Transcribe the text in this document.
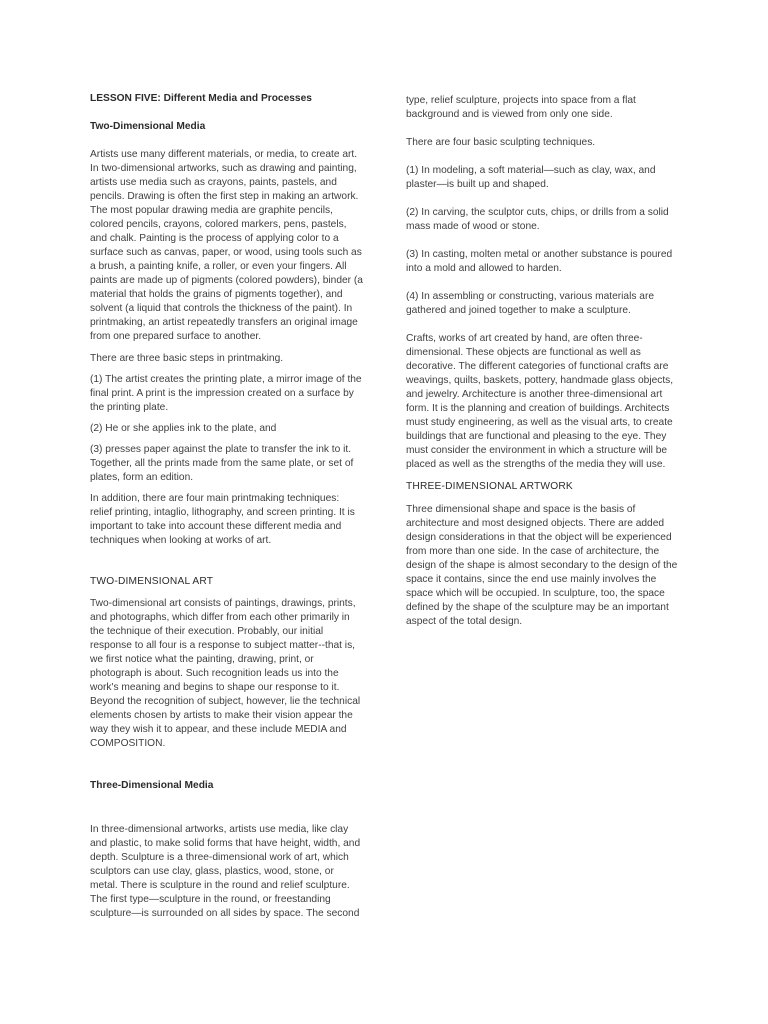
LESSON FIVE: Different Media and Processes

Two-Dimensional Media

Artists use many different materials, or media, to create art.
In two-dimensional artworks, such as drawing and painting,
artists use media such as crayons, paints, pastels, and
pencils. Drawing is often the first step in making an artwork.
The most popular drawing media are graphite pencils,
colored pencils, crayons, colored markers, pens, pastels,
and chalk. Painting is the process of applying color to a
surface such as canvas, paper, or wood, using tools such as
a brush, a painting knife, a roller, or even your fingers. All
paints are made up of pigments (colored powders), binder (a
material that holds the grains of pigments together), and
solvent (a liquid that controls the thickness of the paint). In
printmaking, an artist repeatedly transfers an original image
from one prepared surface to another.

There are three basic steps in printmaking.

(1) The artist creates the printing plate, a mirror image of the
final print. A print is the impression created on a surface by
the printing plate.

(2) He or she applies ink to the plate, and

(3) presses paper against the plate to transfer the ink to it.
Together, all the prints made from the same plate, or set of
plates, form an edition.

In addition, there are four main printmaking techniques:
relief printing, intaglio, lithography, and screen printing. It is
important to take into account these different media and
techniques when looking at works of art.

TWO-DIMENSIONAL ART

Two-dimensional art consists of paintings, drawings, prints,
and photographs, which differ from each other primarily in
the technique of their execution. Probably, our initial
response to all four is a response to subject matter--that is,
we first notice what the painting, drawing, print, or
photograph is about. Such recognition leads us into the
work's meaning and begins to shape our response to it.
Beyond the recognition of subject, however, lie the technical
elements chosen by artists to make their vision appear the
way they wish it to appear, and these include MEDIA and
COMPOSITION.

Three-Dimensional Media

In three-dimensional artworks, artists use media, like clay
and plastic, to make solid forms that have height, width, and
depth. Sculpture is a three-dimensional work of art, which
sculptors can use clay, glass, plastics, wood, stone, or
metal. There is sculpture in the round and relief sculpture.
The first type—sculpture in the round, or freestanding
sculpture—is surrounded on all sides by space. The second

type, relief sculpture, projects into space from a flat
background and is viewed from only one side.

There are four basic sculpting techniques.

(1) In modeling, a soft material—such as clay, wax, and
plaster—is built up and shaped.

(2) In carving, the sculptor cuts, chips, or drills from a solid
mass made of wood or stone.

(3) In casting, molten metal or another substance is poured
into a mold and allowed to harden.

(4) In assembling or constructing, various materials are
gathered and joined together to make a sculpture.

Crafts, works of art created by hand, are often three-
dimensional. These objects are functional as well as
decorative. The different categories of functional crafts are
weavings, quilts, baskets, pottery, handmade glass objects,
and jewelry. Architecture is another three-dimensional art
form. It is the planning and creation of buildings. Architects
must study engineering, as well as the visual arts, to create
buildings that are functional and pleasing to the eye. They
must consider the environment in which a structure will be
placed as well as the strengths of the media they will use.

THREE-DIMENSIONAL ARTWORK

Three dimensional shape and space is the basis of
architecture and most designed objects. There are added
design considerations in that the object will be experienced
from more than one side. In the case of architecture, the
design of the shape is almost secondary to the design of the
space it contains, since the end use mainly involves the
space which will be occupied. In sculpture, too, the space
defined by the shape of the sculpture may be an important
aspect of the total design.
